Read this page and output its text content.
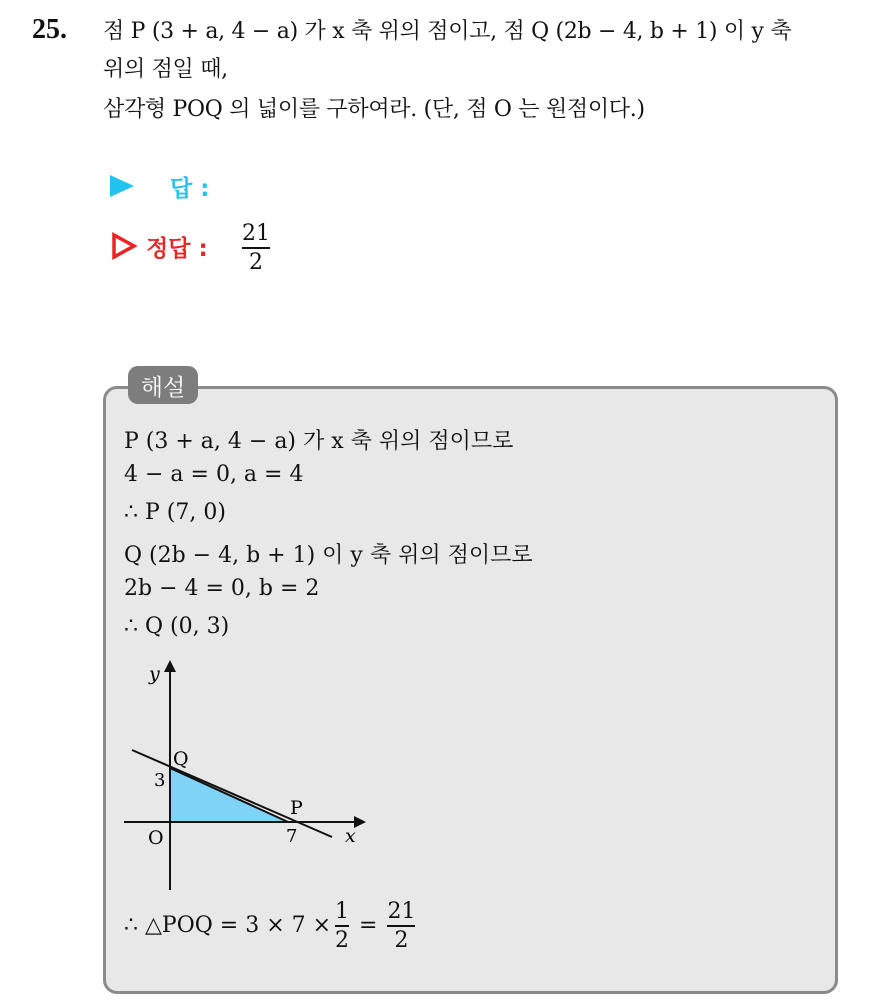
25. 점 P (3 + a, 4 − a) 가 x 축 위의 점이고, 점 Q (2b − 4, b + 1) 이 y 축
위의 점일 때,
삼각형 POQ 의 넓이를 구하여라. (단, 점 O 는 원점이다.)
답 :
정답 : $\frac{21}{2}$
해설
P (3 + a, 4 − a) 가 x 축 위의 점이므로
4 − a = 0, a = 4
∴ P (7, 0)
Q (2b − 4, b + 1) 이 y 축 위의 점이므로
2b − 4 = 0, b = 2
∴ Q (0, 3)
y
x
O
Q
3
P
7
∴ △POQ = $3 \times 7 \times \frac{1}{2} = \frac{21}{2}$
